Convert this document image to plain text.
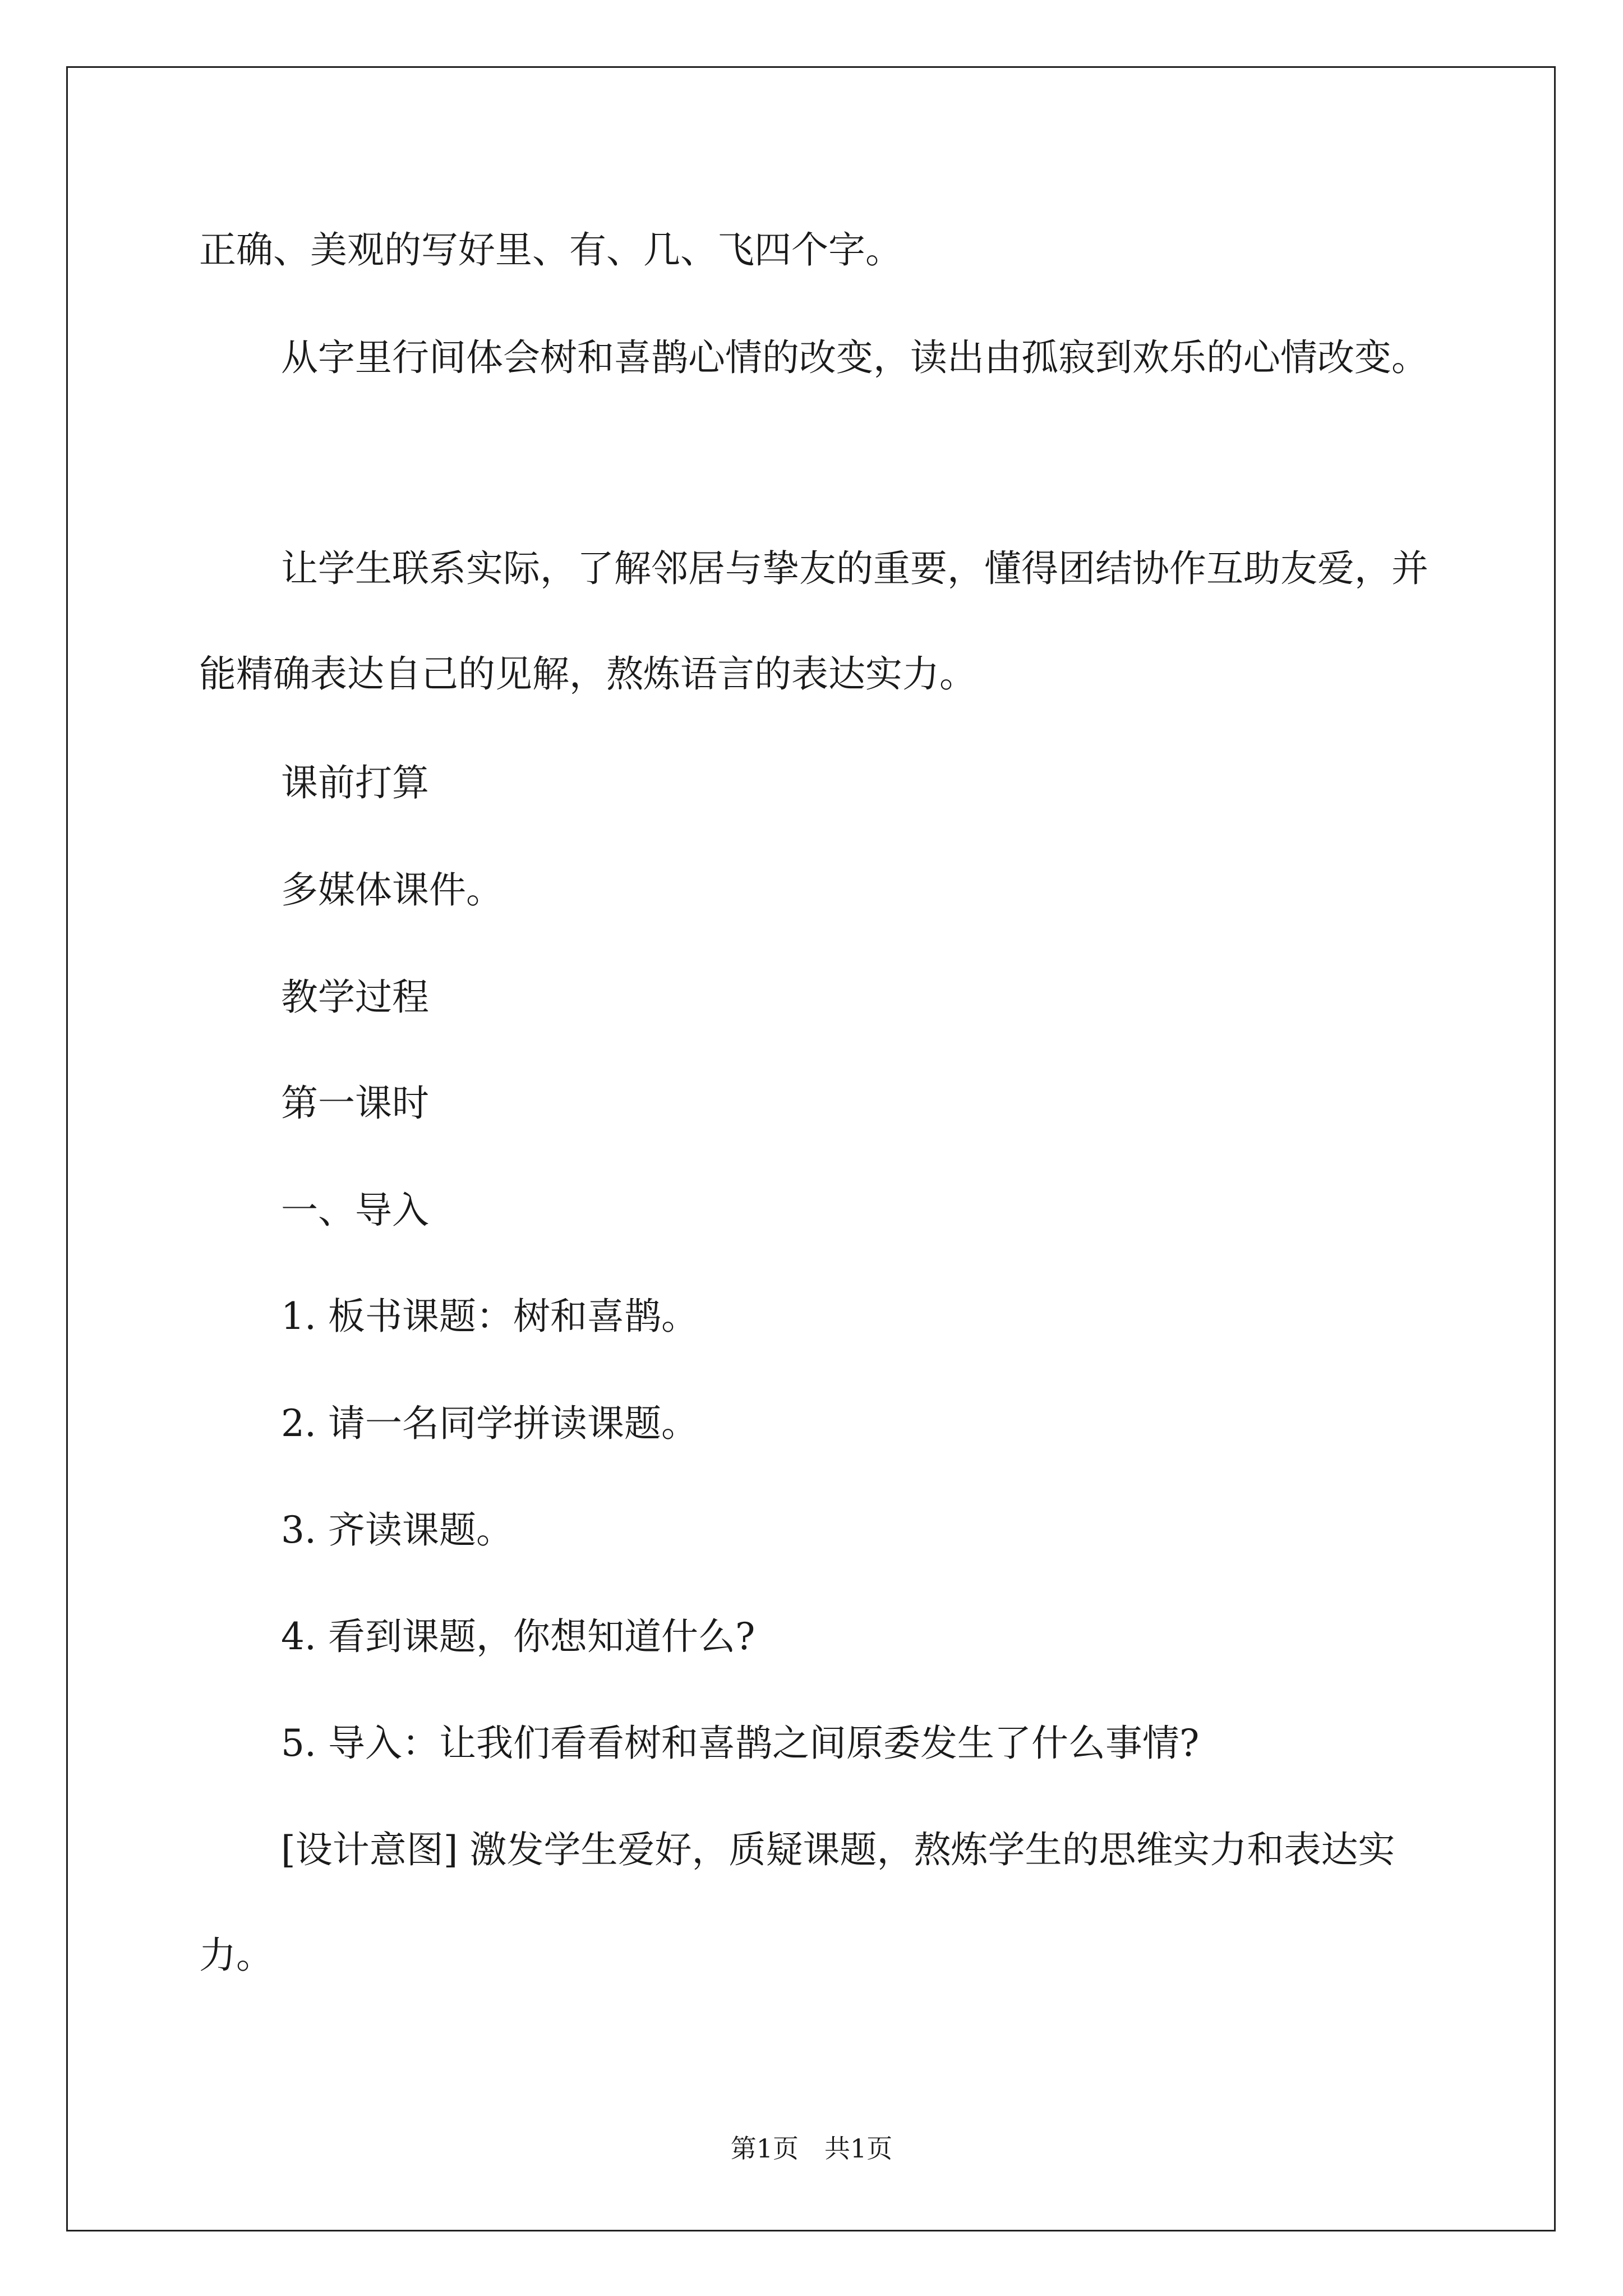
正确、美观的写好里、有、几、飞四个字。

从字里行间体会树和喜鹊心情的改变，读出由孤寂到欢乐的心情改变。

让学生联系实际，了解邻居与挚友的重要，懂得团结协作互助友爱，并能精确表达自己的见解，熬炼语言的表达实力。

课前打算

多媒体课件。

教学过程

第一课时

一、导入

1. 板书课题：树和喜鹊。

2. 请一名同学拼读课题。

3. 齐读课题。

4. 看到课题，你想知道什么?

5. 导入：让我们看看树和喜鹊之间原委发生了什么事情?

[设计意图] 激发学生爱好，质疑课题，熬炼学生的思维实力和表达实力。

第1页　共1页
